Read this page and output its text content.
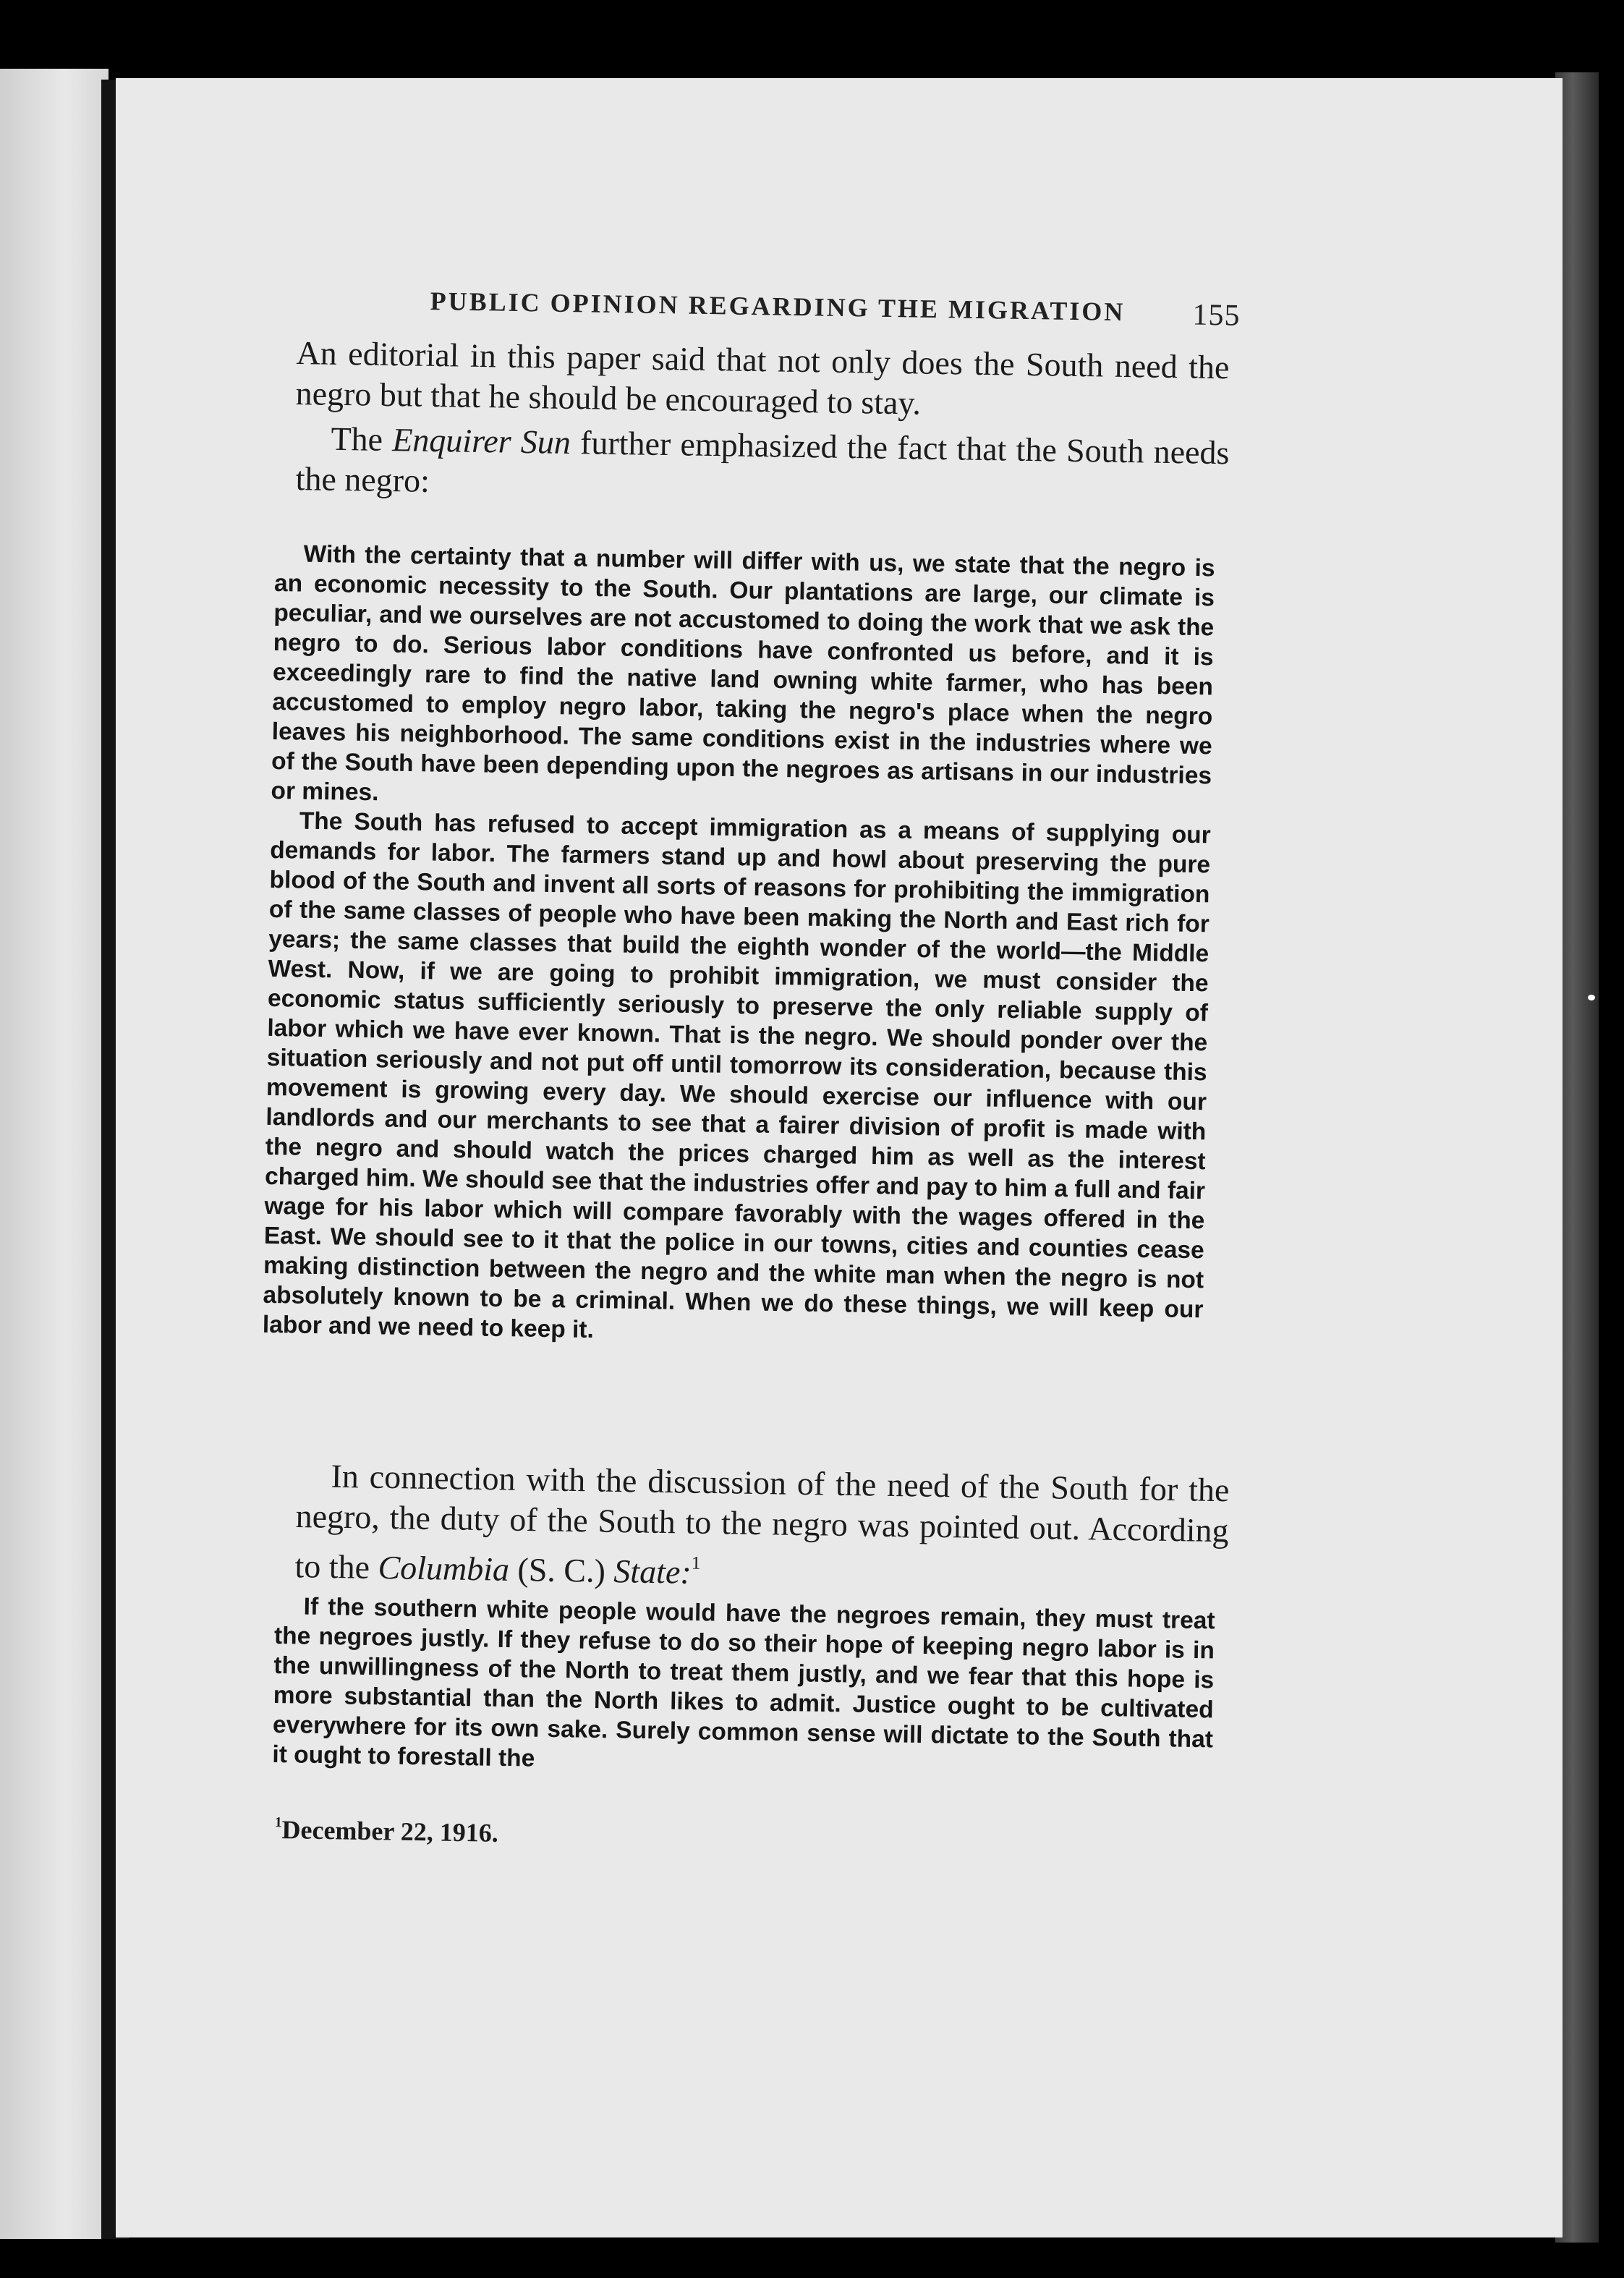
PUBLIC OPINION REGARDING THE MIGRATION 155

An editorial in this paper said that not only does the South need the negro but that he should be encouraged to stay.

The Enquirer Sun further emphasized the fact that the South needs the negro:

With the certainty that a number will differ with us, we state that the negro is an economic necessity to the South. Our plantations are large, our climate is peculiar, and we ourselves are not accustomed to doing the work that we ask the negro to do. Serious labor conditions have confronted us before, and it is exceedingly rare to find the native land owning white farmer, who has been accustomed to employ negro labor, taking the negro's place when the negro leaves his neighborhood. The same conditions exist in the industries where we of the South have been depending upon the negroes as artisans in our industries or mines.

The South has refused to accept immigration as a means of supplying our demands for labor. The farmers stand up and howl about preserving the pure blood of the South and invent all sorts of reasons for prohibiting the immigration of the same classes of people who have been making the North and East rich for years; the same classes that build the eighth wonder of the world—the Middle West. Now, if we are going to prohibit immigration, we must consider the economic status sufficiently seriously to preserve the only reliable supply of labor which we have ever known. That is the negro. We should ponder over the situation seriously and not put off until tomorrow its consideration, because this movement is growing every day. We should exercise our influence with our landlords and our merchants to see that a fairer division of profit is made with the negro and should watch the prices charged him as well as the interest charged him. We should see that the industries offer and pay to him a full and fair wage for his labor which will compare favorably with the wages offered in the East. We should see to it that the police in our towns, cities and counties cease making distinction between the negro and the white man when the negro is not absolutely known to be a criminal. When we do these things, we will keep our labor and we need to keep it.

In connection with the discussion of the need of the South for the negro, the duty of the South to the negro was pointed out. According to the Columbia (S. C.) State:$^1$

If the southern white people would have the negroes remain, they must treat the negroes justly. If they refuse to do so their hope of keeping negro labor is in the unwillingness of the North to treat them justly, and we fear that this hope is more substantial than the North likes to admit. Justice ought to be cultivated everywhere for its own sake. Surely common sense will dictate to the South that it ought to forestall the

$^1$December 22, 1916.
